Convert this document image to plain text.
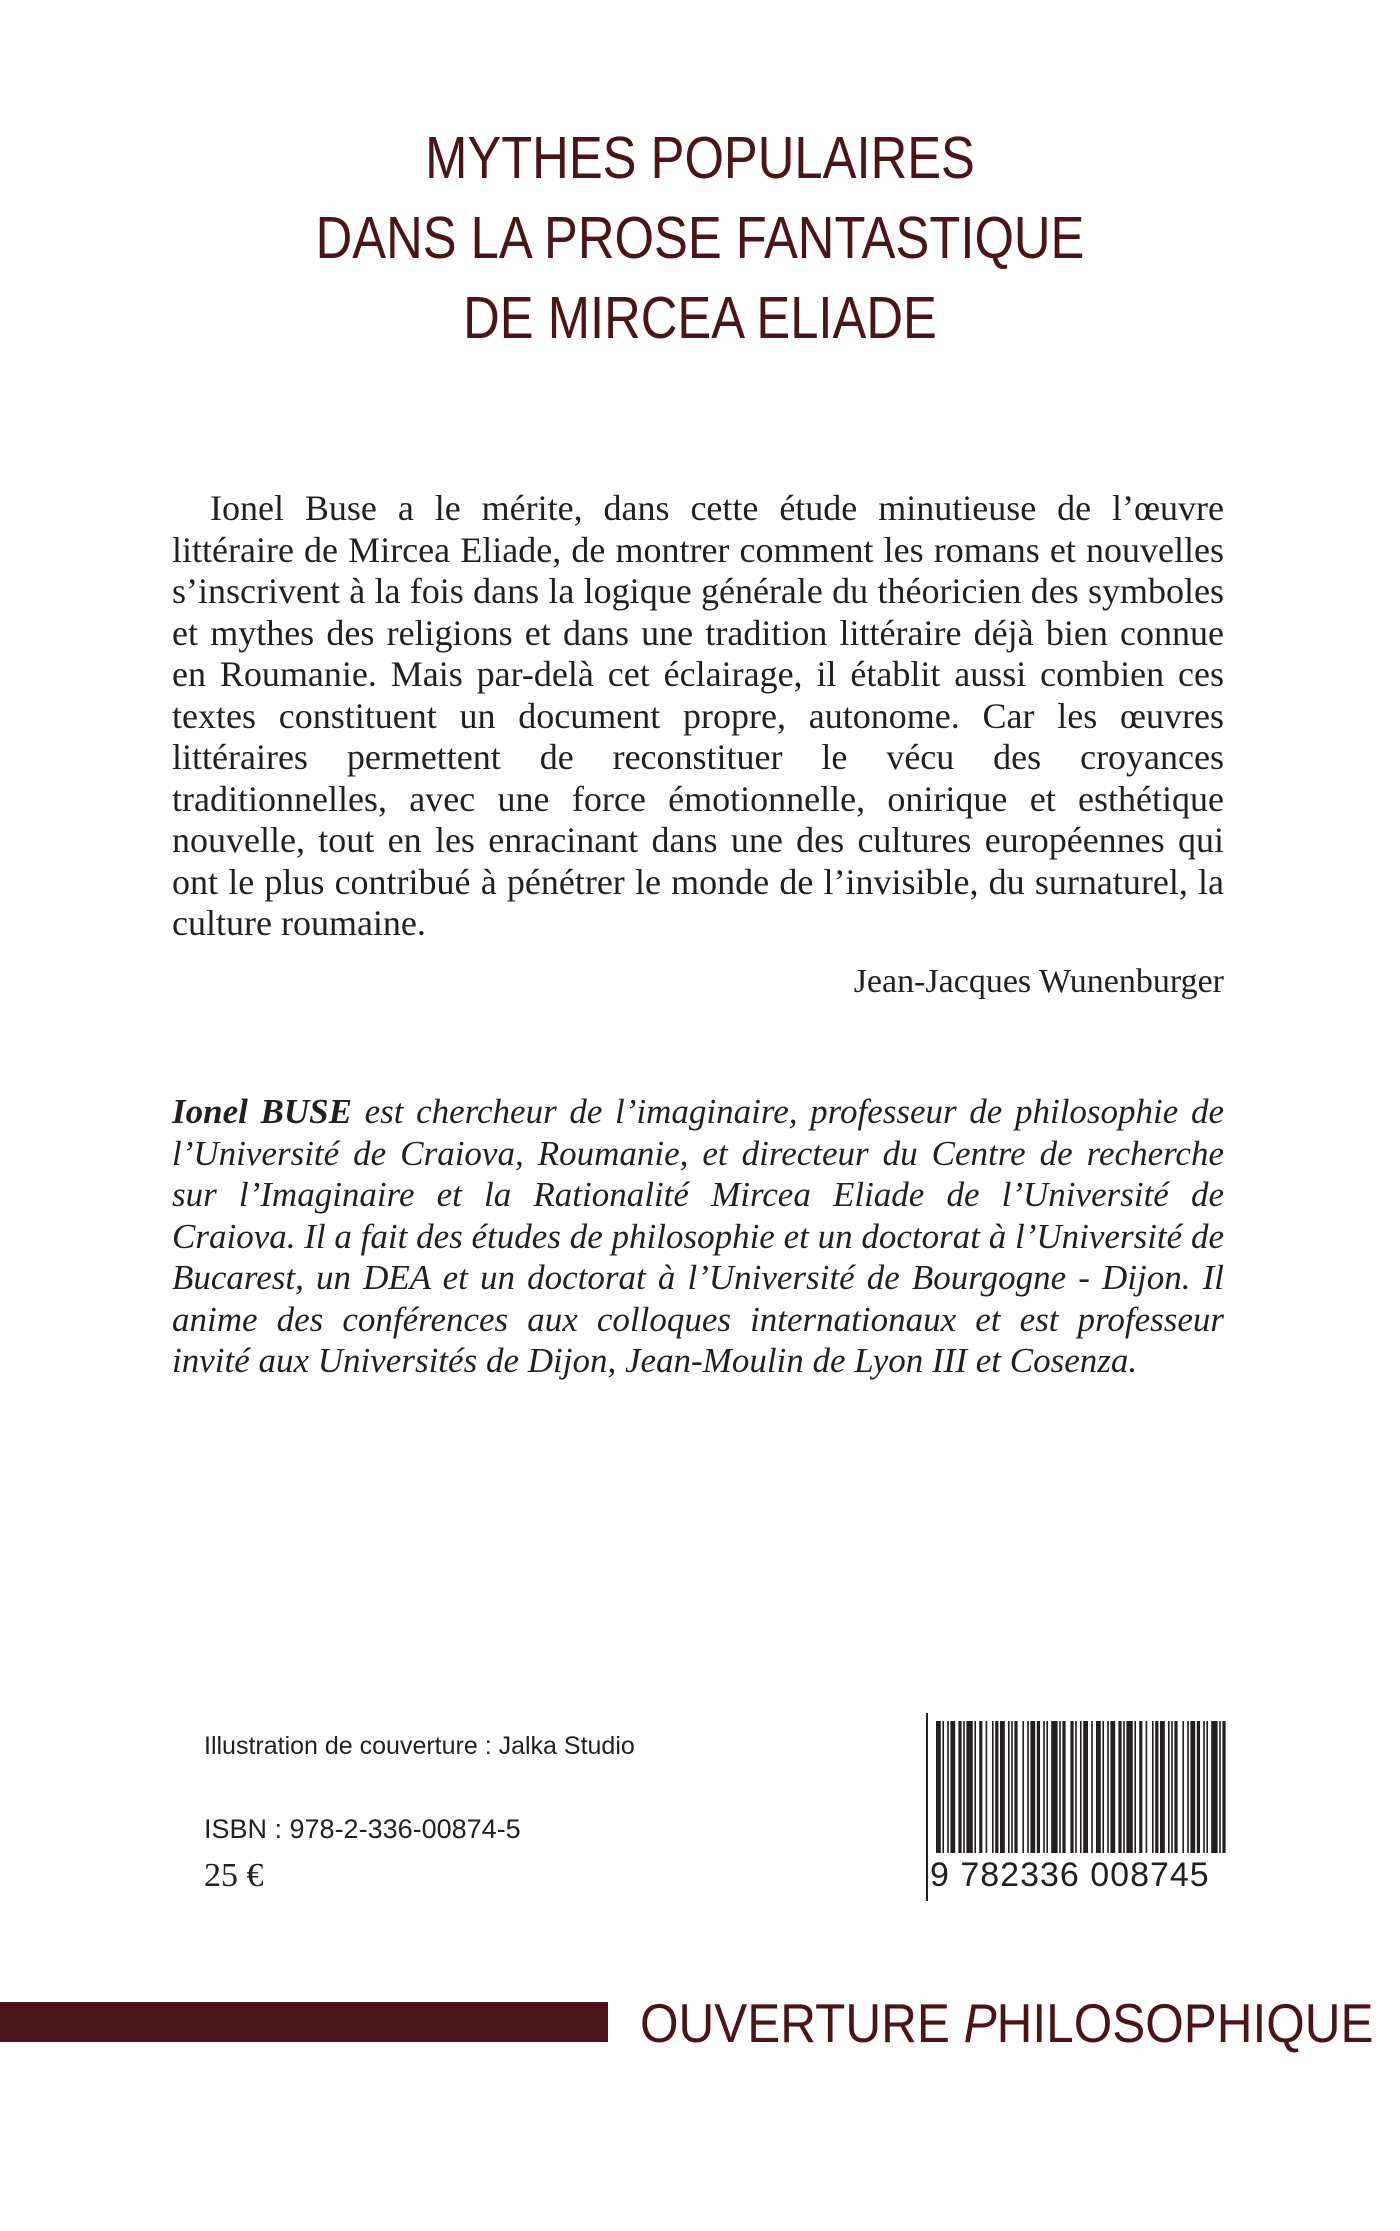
MYTHES POPULAIRES
DANS LA PROSE FANTASTIQUE
DE MIRCEA ELIADE

Ionel Buse a le mérite, dans cette étude minutieuse de l’œuvre littéraire de Mircea Eliade, de montrer comment les romans et nouvelles s’inscrivent à la fois dans la logique générale du théoricien des symboles et mythes des religions et dans une tradition littéraire déjà bien connue en Roumanie. Mais par-delà cet éclairage, il établit aussi combien ces textes constituent un document propre, autonome. Car les œuvres littéraires permettent de reconstituer le vécu des croyances traditionnelles, avec une force émotionnelle, onirique et esthétique nouvelle, tout en les enracinant dans une des cultures européennes qui ont le plus contribué à pénétrer le monde de l’invisible, du surnaturel, la culture roumaine.

Jean-Jacques Wunenburger

Ionel BUSE est chercheur de l’imaginaire, professeur de philosophie de l’Université de Craiova, Roumanie, et directeur du Centre de recherche sur l’Imaginaire et la Rationalité Mircea Eliade de l’Université de Craiova. Il a fait des études de philosophie et un doctorat à l’Université de Bucarest, un DEA et un doctorat à l’Université de Bourgogne - Dijon. Il anime des conférences aux colloques internationaux et est professeur invité aux Universités de Dijon, Jean-Moulin de Lyon III et Cosenza.

Illustration de couverture : Jalka Studio
ISBN : 978-2-336-00874-5
25 €	9 782336 008745
OUVERTURE PHILOSOPHIQUE
